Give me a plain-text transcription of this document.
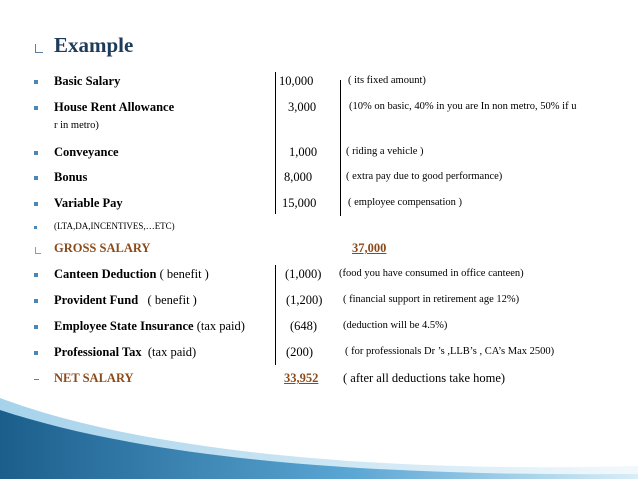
Example
Basic Salary	10,000	( its fixed amount)
House Rent Allowance	3,000	(10% on basic, 40% in you are In non metro, 50% if u
r in metro)
Conveyance	1,000	( riding a vehicle )
Bonus	8,000	( extra pay due to good performance)
Variable Pay	15,000	( employee compensation )
(LTA,DA,INCENTIVES,…ETC)
GROSS SALARY	37,000
Canteen Deduction ( benefit )	(1,000) (food you have consumed in office canteen)
Provident Fund ( benefit )	(1,200) ( financial support in retirement age 12%)
Employee State Insurance (tax paid)	(648) (deduction will be 4.5%)
Professional Tax (tax paid)	(200)	( for professionals Dr ’s ,LLB’s , CA’s Max 2500)
NET SALARY	33,952 ( after all deductions take home)
